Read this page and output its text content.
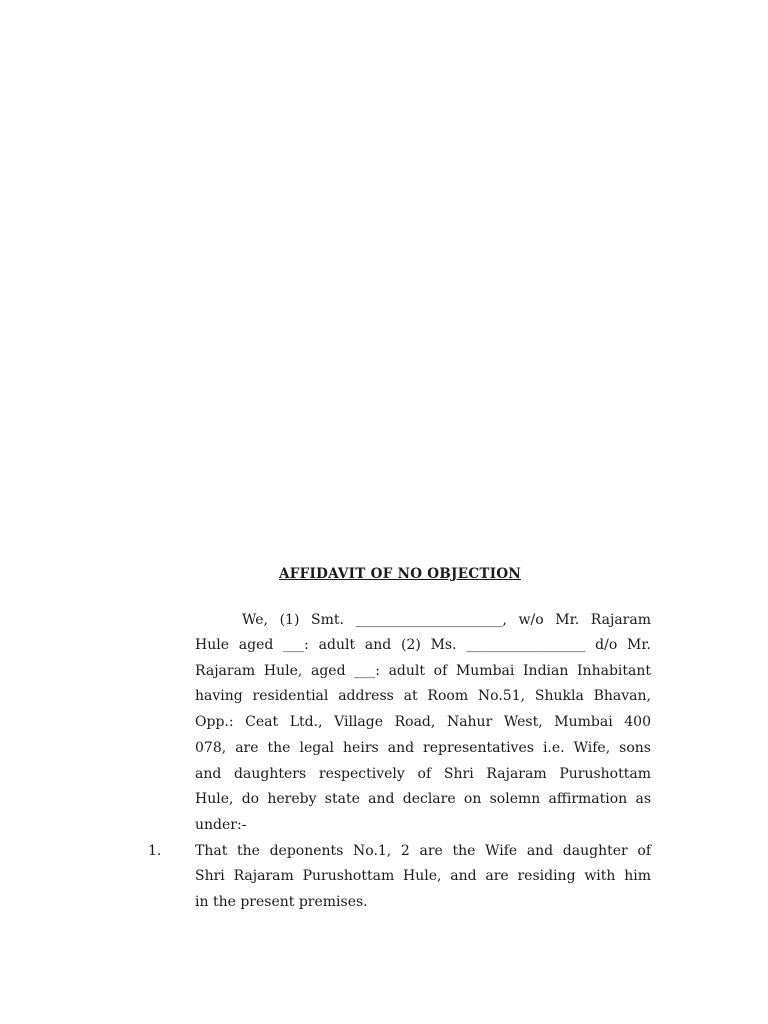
AFFIDAVIT OF NO OBJECTION
We, (1) Smt. _____________________, w/o Mr. Rajaram
Hule aged ___: adult and (2) Ms. _________________ d/o Mr.
Rajaram Hule, aged ___: adult of Mumbai Indian Inhabitant
having residential address at Room No.51, Shukla Bhavan,
Opp.: Ceat Ltd., Village Road, Nahur West, Mumbai 400
078, are the legal heirs and representatives i.e. Wife, sons
and daughters respectively of Shri Rajaram Purushottam
Hule, do hereby state and declare on solemn affirmation as
under:-
1. That the deponents No.1, 2 are the Wife and daughter of
Shri Rajaram Purushottam Hule, and are residing with him
in the present premises.
